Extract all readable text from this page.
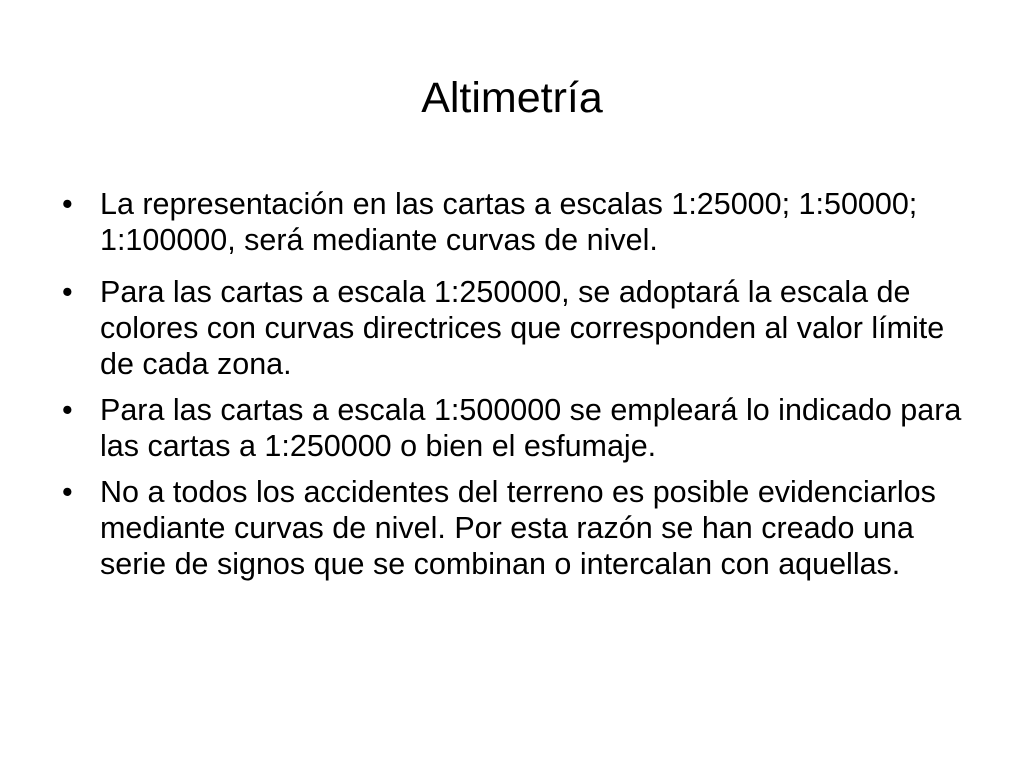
Altimetría
• La representación en las cartas a escalas 1:25000; 1:50000; 1:100000, será mediante curvas de nivel.
• Para las cartas a escala 1:250000, se adoptará la escala de colores con curvas directrices que corresponden al valor límite de cada zona.
• Para las cartas a escala 1:500000 se empleará lo indicado para las cartas a 1:250000 o bien el esfumaje.
• No a todos los accidentes del terreno es posible evidenciarlos mediante curvas de nivel. Por esta razón se han creado una serie de signos que se combinan o intercalan con aquellas.
